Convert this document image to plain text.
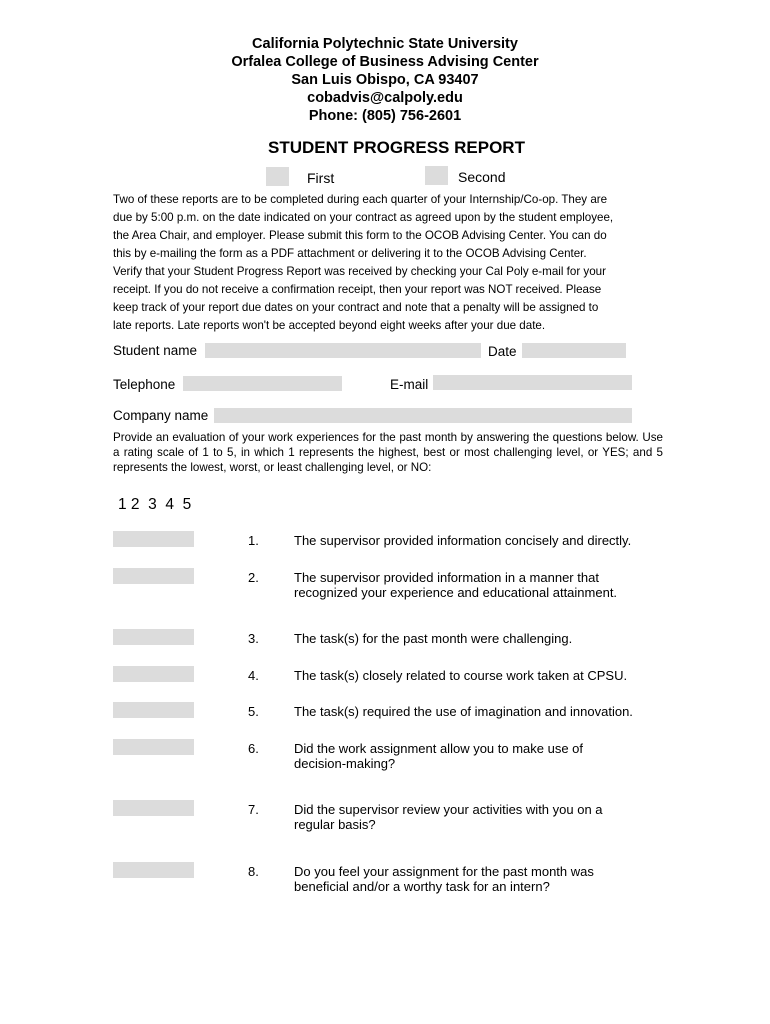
California Polytechnic State University
Orfalea College of Business Advising Center
San Luis Obispo, CA 93407
cobadvis@calpoly.edu
Phone: (805) 756-2601
STUDENT PROGRESS REPORT
First	Second
Two of these reports are to be completed during each quarter of your Internship/Co-op. They are
due by 5:00 p.m. on the date indicated on your contract as agreed upon by the student employee,
the Area Chair, and employer. Please submit this form to the OCOB Advising Center. You can do
this by e-mailing the form as a PDF attachment or delivering it to the OCOB Advising Center.
Verify that your Student Progress Report was received by checking your Cal Poly e-mail for your
receipt. If you do not receive a confirmation receipt, then your report was NOT received. Please
keep track of your report due dates on your contract and note that a penalty will be assigned to
late reports. Late reports won't be accepted beyond eight weeks after your due date.
Student name	Date
Telephone	E-mail
Company name
Provide an evaluation of your work experiences for the past month by answering the questions below. Use a rating scale of 1 to 5, in which 1 represents the highest, best or most challenging level, or YES; and 5 represents the lowest, worst, or least challenging level, or NO:
1 2  3  4  5
1.	The supervisor provided information concisely and directly.
2.	The supervisor provided information in a manner that recognized your experience and educational attainment.
3.	The task(s) for the past month were challenging.
4.	The task(s) closely related to course work taken at CPSU.
5.	The task(s) required the use of imagination and innovation.
6.	Did the work assignment allow you to make use of decision-making?
7.	Did the supervisor review your activities with you on a regular basis?
8.	Do you feel your assignment for the past month was beneficial and/or a worthy task for an intern?
